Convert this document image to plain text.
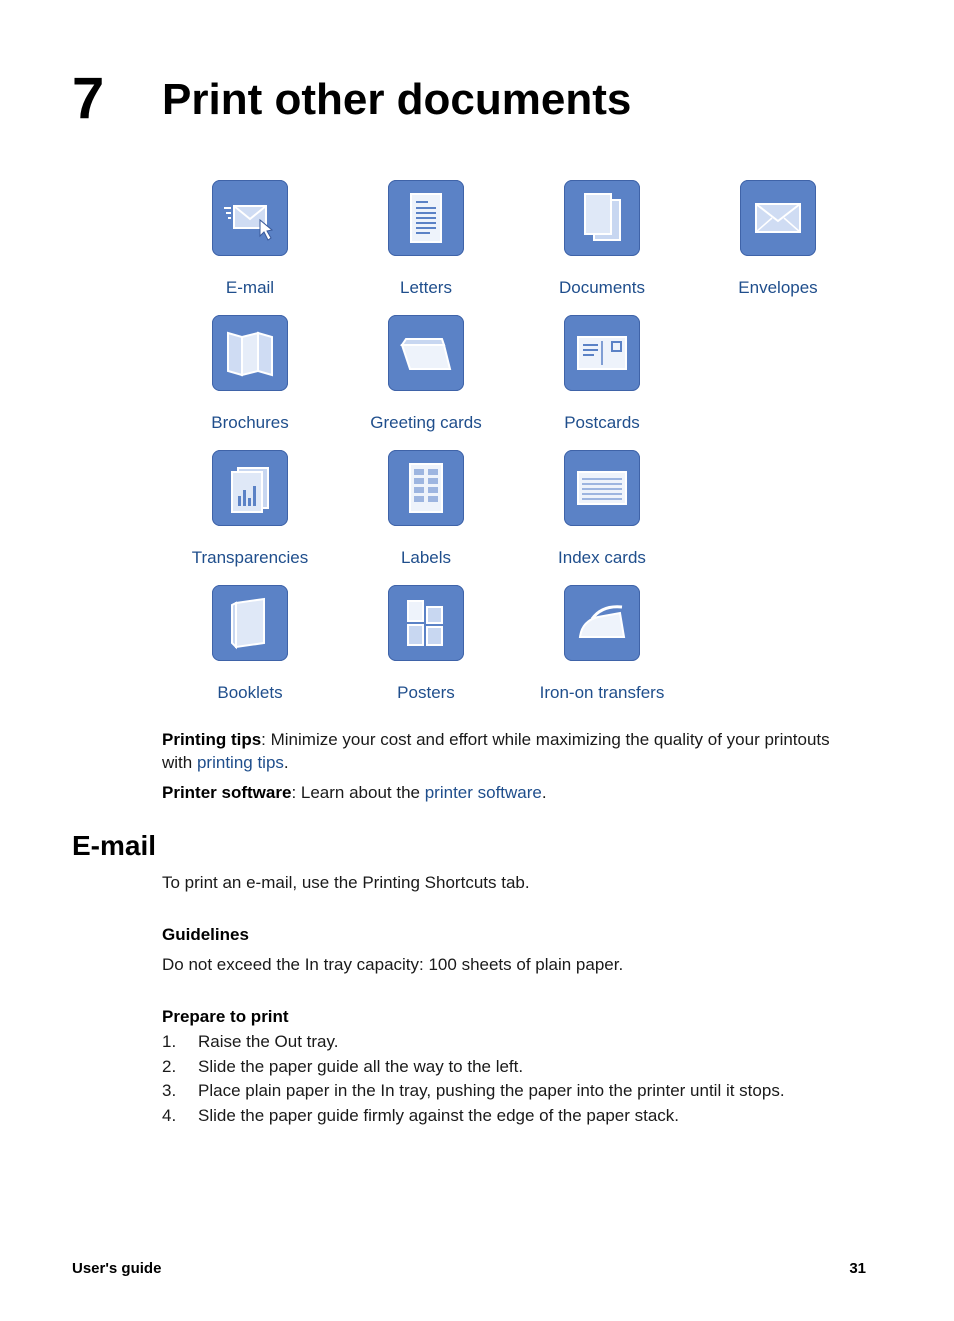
7 Print other documents
E-mail	Letters	Documents	Envelopes
Brochures	Greeting cards	Postcards
Transparencies	Labels	Index cards
Booklets	Posters	Iron-on transfers

Printing tips: Minimize your cost and effort while maximizing the quality of your printouts with printing tips.

Printer software: Learn about the printer software.

E-mail

To print an e-mail, use the Printing Shortcuts tab.

Guidelines

Do not exceed the In tray capacity: 100 sheets of plain paper.

Prepare to print
1.	Raise the Out tray.
2.	Slide the paper guide all the way to the left.
3.	Place plain paper in the In tray, pushing the paper into the printer until it stops.
4.	Slide the paper guide firmly against the edge of the paper stack.
User's guide	31
